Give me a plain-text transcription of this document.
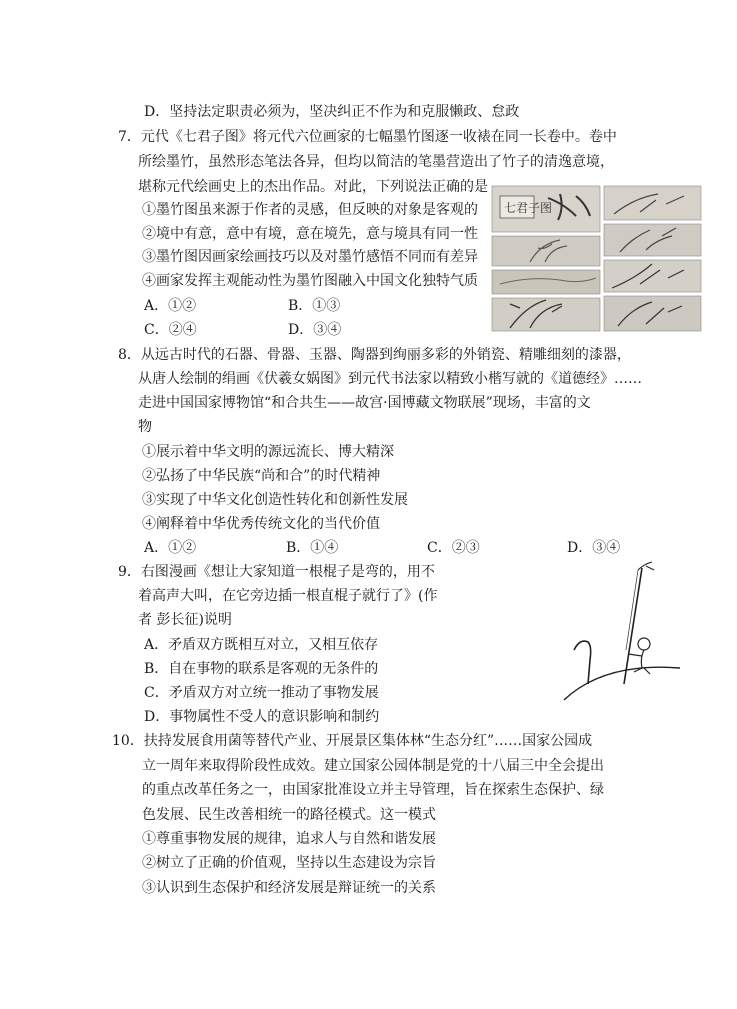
D．坚持法定职责必须为，坚决纠正不作为和克服懒政、怠政
7．元代《七君子图》将元代六位画家的七幅墨竹图逐一收裱在同一长卷中。卷中
所绘墨竹，虽然形态笔法各异，但均以简洁的笔墨营造出了竹子的清逸意境，
堪称元代绘画史上的杰出作品。对此，下列说法正确的是
①墨竹图虽来源于作者的灵感，但反映的对象是客观的
②境中有意，意中有境，意在境先，意与境具有同一性
③墨竹图因画家绘画技巧以及对墨竹感悟不同而有差异
④画家发挥主观能动性为墨竹图融入中国文化独特气质
A．①②	B．①③
C．②④	D．③④
七君子图
8．从远古时代的石器、骨器、玉器、陶器到绚丽多彩的外销瓷、精雕细刻的漆器，
从唐人绘制的绢画《伏羲女娲图》到元代书法家以精致小楷写就的《道德经》……
走进中国国家博物馆“和合共生——故宫·国博藏文物联展”现场，丰富的文
物
①展示着中华文明的源远流长、博大精深
②弘扬了中华民族“尚和合”的时代精神
③实现了中华文化创造性转化和创新性发展
④阐释着中华优秀传统文化的当代价值
A．①②	B．①④	C．②③	D．③④
9．右图漫画《想让大家知道一根棍子是弯的，用不
着高声大叫，在它旁边插一根直棍子就行了》(作
者 彭长征)说明
A．矛盾双方既相互对立，又相互依存
B．自在事物的联系是客观的无条件的
C．矛盾双方对立统一推动了事物发展
D．事物属性不受人的意识影响和制约
10．扶持发展食用菌等替代产业、开展景区集体林“生态分红”……国家公园成
立一周年来取得阶段性成效。建立国家公园体制是党的十八届三中全会提出
的重点改革任务之一，由国家批准设立并主导管理，旨在探索生态保护、绿
色发展、民生改善相统一的路径模式。这一模式
①尊重事物发展的规律，追求人与自然和谐发展
②树立了正确的价值观，坚持以生态建设为宗旨
③认识到生态保护和经济发展是辩证统一的关系
